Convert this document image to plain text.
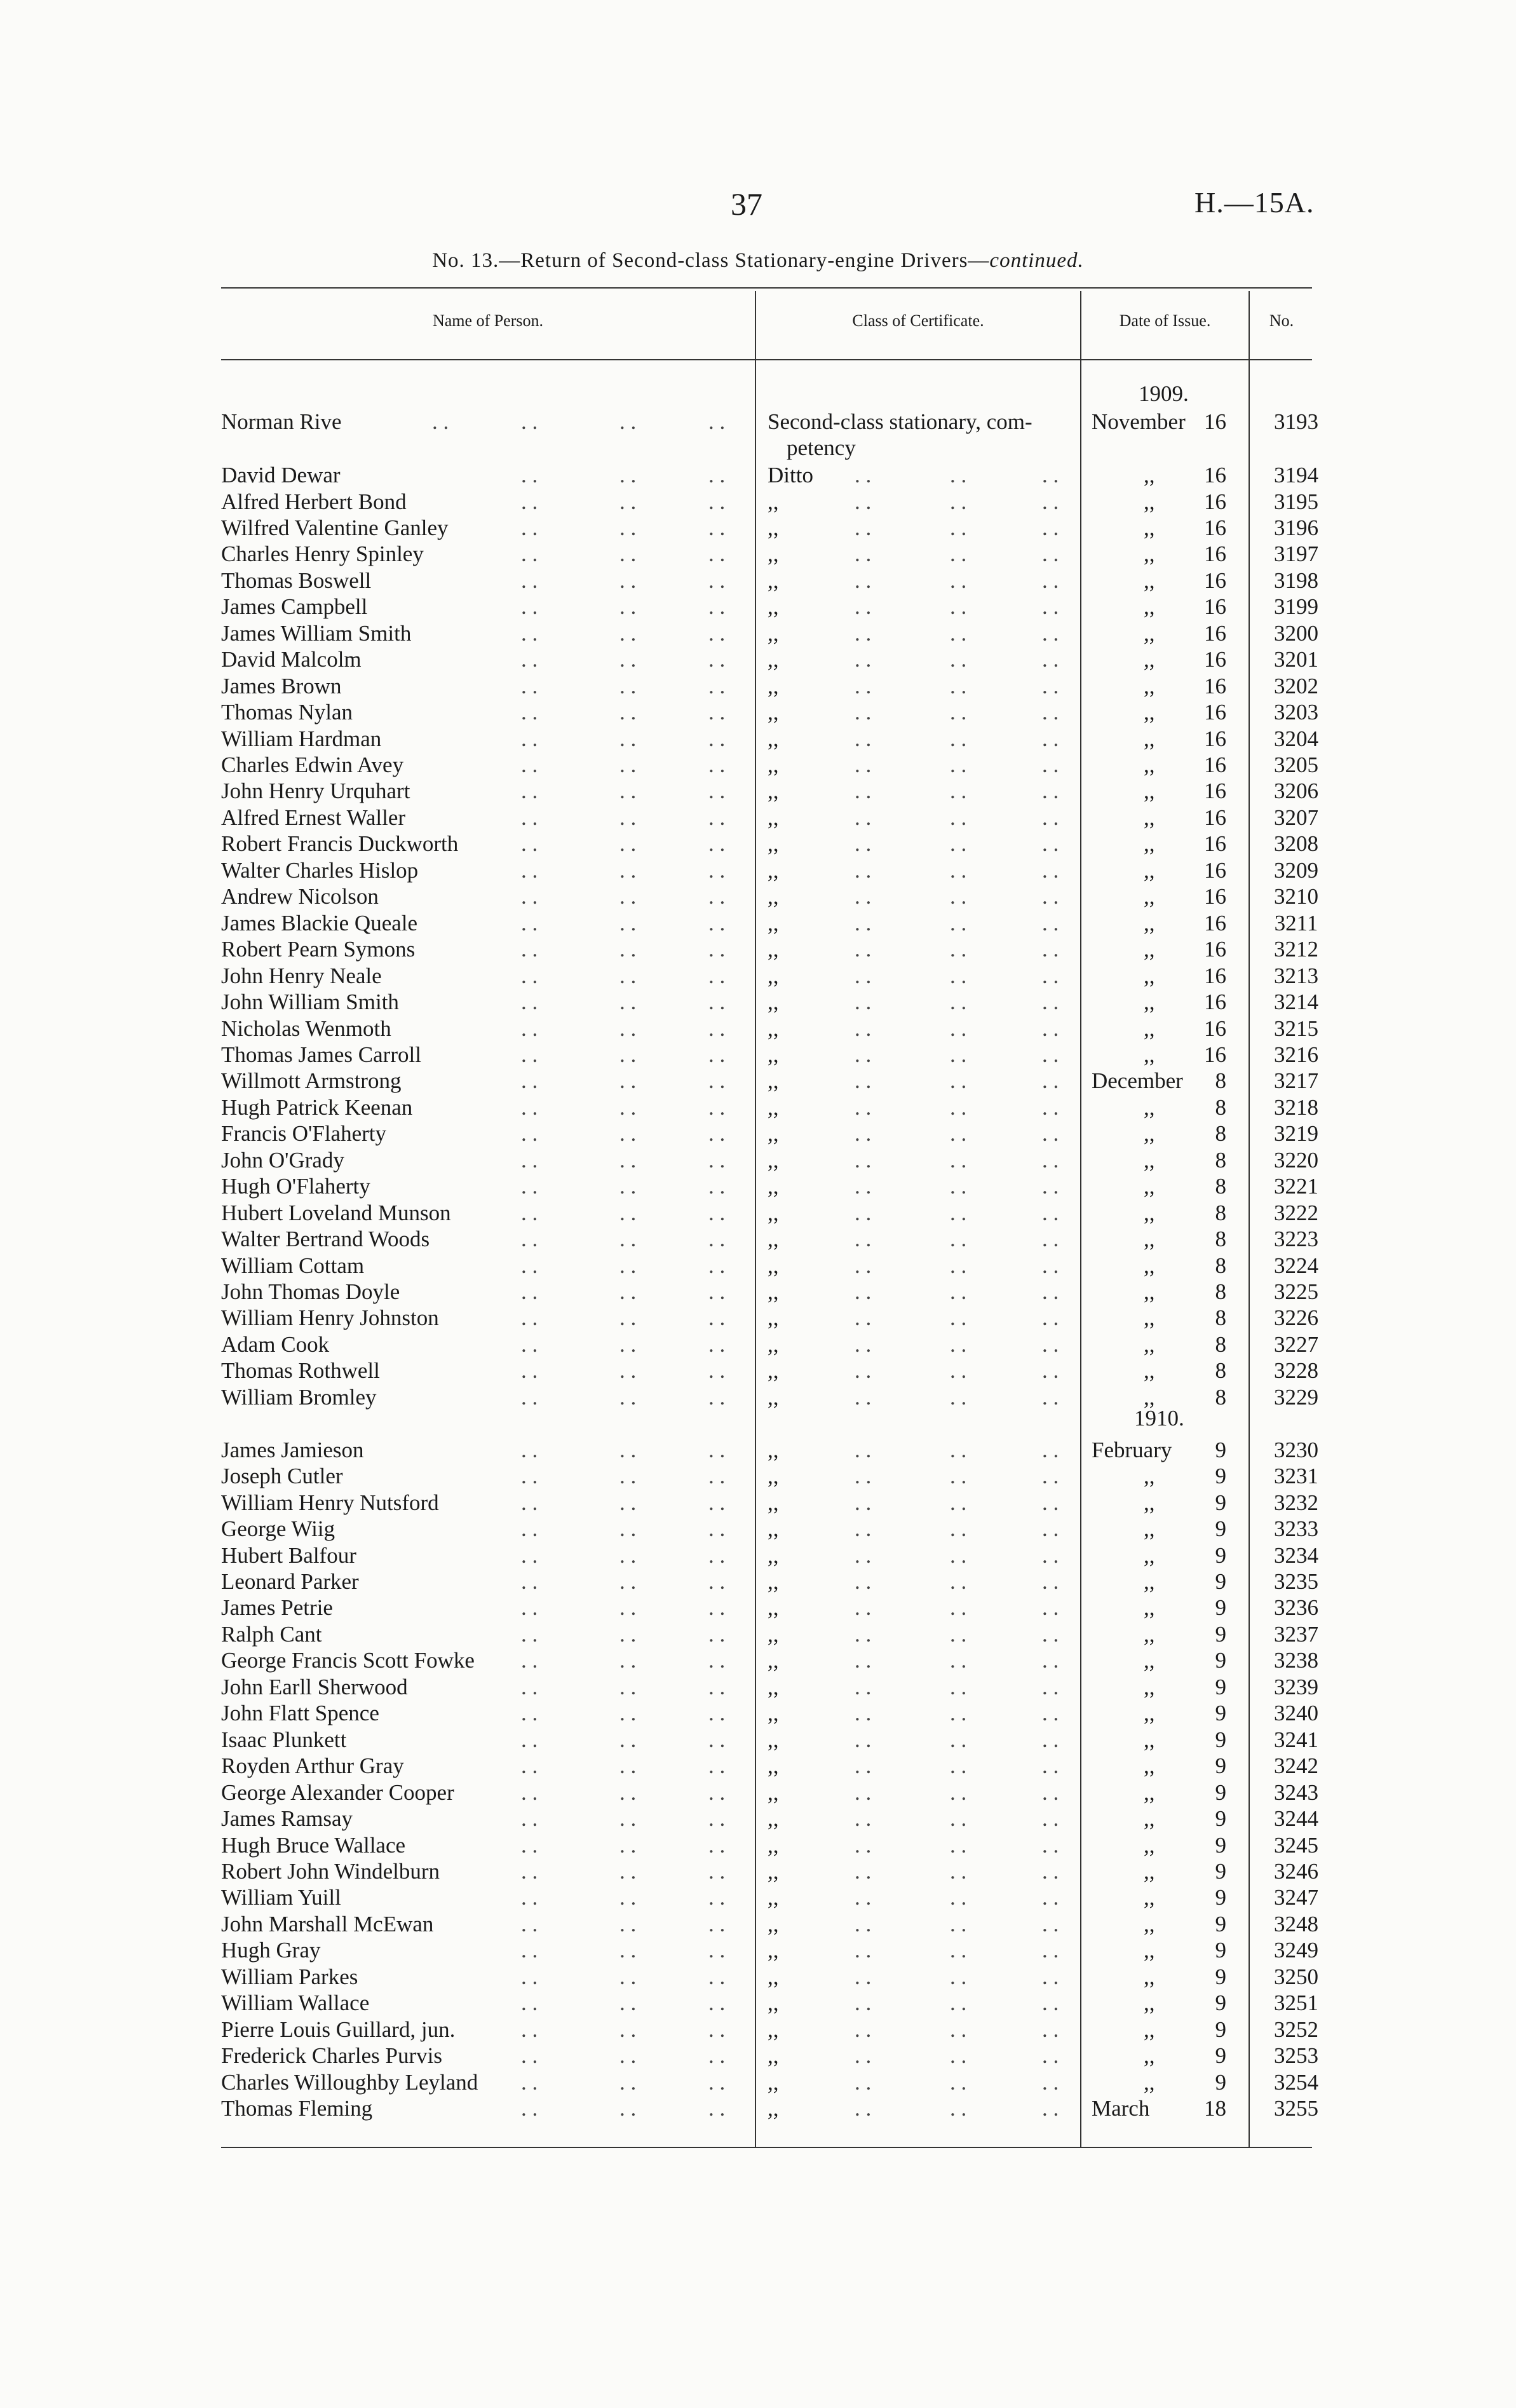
37	H.—15A.
No. 13.—Return of Second-class Stationary-engine Drivers—continued.
Name of Person.	Class of Certificate.	Date of Issue.	No.
1909.
1910.
Norman Rive	. .	. .	. .	. . Second-class stationary, com-	November 16	3193
petency
David Dewar	. .	. .	. . Ditto . .	. .	. .	,,	16	3194
Alfred Herbert Bond	. .	. .	. . ,,	. .	. .	. .	,,	16	3195
Wilfred Valentine Ganley	. .	. .	. . ,,	. .	. .	. .	,,	16	3196
Charles Henry Spinley	. .	. .	. . ,,	. .	. .	. .	,,	16	3197
Thomas Boswell	. .	. .	. . ,,	. .	. .	. .	,,	16	3198
James Campbell	. .	. .	. . ,,	. .	. .	. .	,,	16	3199
James William Smith	. .	. .	. . ,,	. .	. .	. .	,,	16	3200
David Malcolm	. .	. .	. . ,,	. .	. .	. .	,,	16	3201
James Brown	. .	. .	. . ,,	. .	. .	. .	,,	16	3202
Thomas Nylan	. .	. .	. . ,,	. .	. .	. .	,,	16	3203
William Hardman	. .	. .	. . ,,	. .	. .	. .	,,	16	3204
Charles Edwin Avey	. .	. .	. . ,,	. .	. .	. .	,,	16	3205
John Henry Urquhart	. .	. .	. . ,,	. .	. .	. .	,,	16	3206
Alfred Ernest Waller	. .	. .	. . ,,	. .	. .	. .	,,	16	3207
Robert Francis Duckworth	. .	. .	. . ,,	. .	. .	. .	,,	16	3208
Walter Charles Hislop	. .	. .	. . ,,	. .	. .	. .	,,	16	3209
Andrew Nicolson	. .	. .	. . ,,	. .	. .	. .	,,	16	3210
James Blackie Queale	. .	. .	. . ,,	. .	. .	. .	,,	16	3211
Robert Pearn Symons	. .	. .	. . ,,	. .	. .	. .	,,	16	3212
John Henry Neale	. .	. .	. . ,,	. .	. .	. .	,,	16	3213
John William Smith	. .	. .	. . ,,	. .	. .	. .	,,	16	3214
Nicholas Wenmoth	. .	. .	. . ,,	. .	. .	. .	,,	16	3215
Thomas James Carroll	. .	. .	. . ,,	. .	. .	. .	,,	16	3216
Willmott Armstrong	. .	. .	. . ,,	. .	. .	. . December	8	3217
Hugh Patrick Keenan	. .	. .	. . ,,	. .	. .	. .	,,	8	3218
Francis O'Flaherty	. .	. .	. . ,,	. .	. .	. .	,,	8	3219
John O'Grady	. .	. .	. . ,,	. .	. .	. .	,,	8	3220
Hugh O'Flaherty	. .	. .	. . ,,	. .	. .	. .	,,	8	3221
Hubert Loveland Munson	. .	. .	. . ,,	. .	. .	. .	,,	8	3222
Walter Bertrand Woods	. .	. .	. . ,,	. .	. .	. .	,,	8	3223
William Cottam	. .	. .	. . ,,	. .	. .	. .	,,	8	3224
John Thomas Doyle	. .	. .	. . ,,	. .	. .	. .	,,	8	3225
William Henry Johnston	. .	. .	. . ,,	. .	. .	. .	,,	8	3226
Adam Cook	. .	. .	. . ,,	. .	. .	. .	,,	8	3227
Thomas Rothwell	. .	. .	. . ,,	. .	. .	. .	,,	8	3228
William Bromley	. .	. .	. . ,,	. .	. .	. .	,,	8	3229
James Jamieson	. .	. .	. . ,,	. .	. .	. . February	9	3230
Joseph Cutler	. .	. .	. . ,,	. .	. .	. .	,,	9	3231
William Henry Nutsford	. .	. .	. . ,,	. .	. .	. .	,,	9	3232
George Wiig	. .	. .	. . ,,	. .	. .	. .	,,	9	3233
Hubert Balfour	. .	. .	. . ,,	. .	. .	. .	,,	9	3234
Leonard Parker	. .	. .	. . ,,	. .	. .	. .	,,	9	3235
James Petrie	. .	. .	. . ,,	. .	. .	. .	,,	9	3236
Ralph Cant	. .	. .	. . ,,	. .	. .	. .	,,	9	3237
George Francis Scott Fowke . .	. .	. . ,,	. .	. .	. .	,,	9	3238
John Earll Sherwood	. .	. .	. . ,,	. .	. .	. .	,,	9	3239
John Flatt Spence	. .	. .	. . ,,	. .	. .	. .	,,	9	3240
Isaac Plunkett	. .	. .	. . ,,	. .	. .	. .	,,	9	3241
Royden Arthur Gray	. .	. .	. . ,,	. .	. .	. .	,,	9	3242
George Alexander Cooper	. .	. .	. . ,,	. .	. .	. .	,,	9	3243
James Ramsay	. .	. .	. . ,,	. .	. .	. .	,,	9	3244
Hugh Bruce Wallace	. .	. .	. . ,,	. .	. .	. .	,,	9	3245
Robert John Windelburn	. .	. .	. . ,,	. .	. .	. .	,,	9	3246
William Yuill	. .	. .	. . ,,	. .	. .	. .	,,	9	3247
John Marshall McEwan	. .	. .	. . ,,	. .	. .	. .	,,	9	3248
Hugh Gray	. .	. .	. . ,,	. .	. .	. .	,,	9	3249
William Parkes	. .	. .	. . ,,	. .	. .	. .	,,	9	3250
William Wallace	. .	. .	. . ,,	. .	. .	. .	,,	9	3251
Pierre Louis Guillard, jun.	. .	. .	. . ,,	. .	. .	. .	,,	9	3252
Frederick Charles Purvis	. .	. .	. . ,,	. .	. .	. .	,,	9	3253
Charles Willoughby Leyland . .	. .	. . ,,	. .	. .	. .	,,	9	3254
Thomas Fleming	. .	. .	. . ,,	. .	. .	. . March	18	3255
